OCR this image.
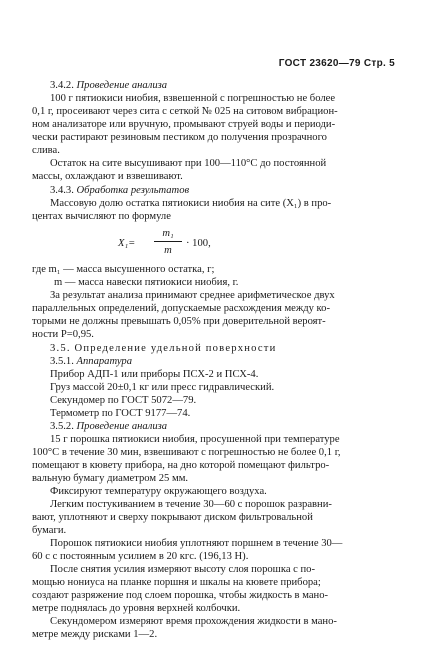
ГОСТ 23620—79 Стр. 5

3.4.2. Проведение анализа

100 г пятиокиси ниобия, взвешенной с погрешностью не более
0,1 г, просеивают через сита с сеткой № 025 на ситовом вибрацион-
ном анализаторе или вручную, промывают струей воды и периоди-
чески растирают резиновым пестиком до получения прозрачного
слива.
Остаток на сите высушивают при 100—110°С до постоянной
массы, охлаждают и взвешивают.

3.4.3. Обработка результатов

Массовую долю остатка пятиокиси ниобия на сите (X₁) в про-
центах вычисляют по формуле
$X_1= \frac{\text{m₁}}{m} \cdot 100$,
где m₁ — масса высушенного остатка, г;
m — масса навески пятиокиси ниобия, г.
За результат анализа принимают среднее арифметическое двух
параллельных определений, допускаемые расхождения между ко-
торыми не должны превышать 0,05% при доверительной вероят-
ности P=0,95.
3.5. Определение удельной поверхности

3.5.1. Аппаратура

Прибор АДП-1 или приборы ПСХ-2 и ПСХ-4.
Груз массой 20±0,1 кг или пресс гидравлический.
Секундомер по ГОСТ 5072—79.
Термометр по ГОСТ 9177—74.

3.5.2. Проведение анализа

15 г порошка пятиокиси ниобия, просушенной при температуре
100°С в течение 30 мин, взвешивают с погрешностью не более 0,1 г,
помещают в кювету прибора, на дно которой помещают фильтро-
вальную бумагу диаметром 25 мм.
Фиксируют температуру окружающего воздуха.
Легким постукиванием в течение 30—60 с порошок разравни-
вают, уплотняют и сверху покрывают диском фильтровальной
бумаги.
Порошок пятиокиси ниобия уплотняют поршнем в течение 30—
60 с с постоянным усилием в 20 кгс. (196,13 Н).
После снятия усилия измеряют высоту слоя порошка с по-
мощью нониуса на планке поршня и шкалы на кювете прибора;
создают разряжение под слоем порошка, чтобы жидкость в мано-
метре поднялась до уровня верхней колбочки.
Секундомером измеряют время прохождения жидкости в мано-
метре между рисками 1—2.
